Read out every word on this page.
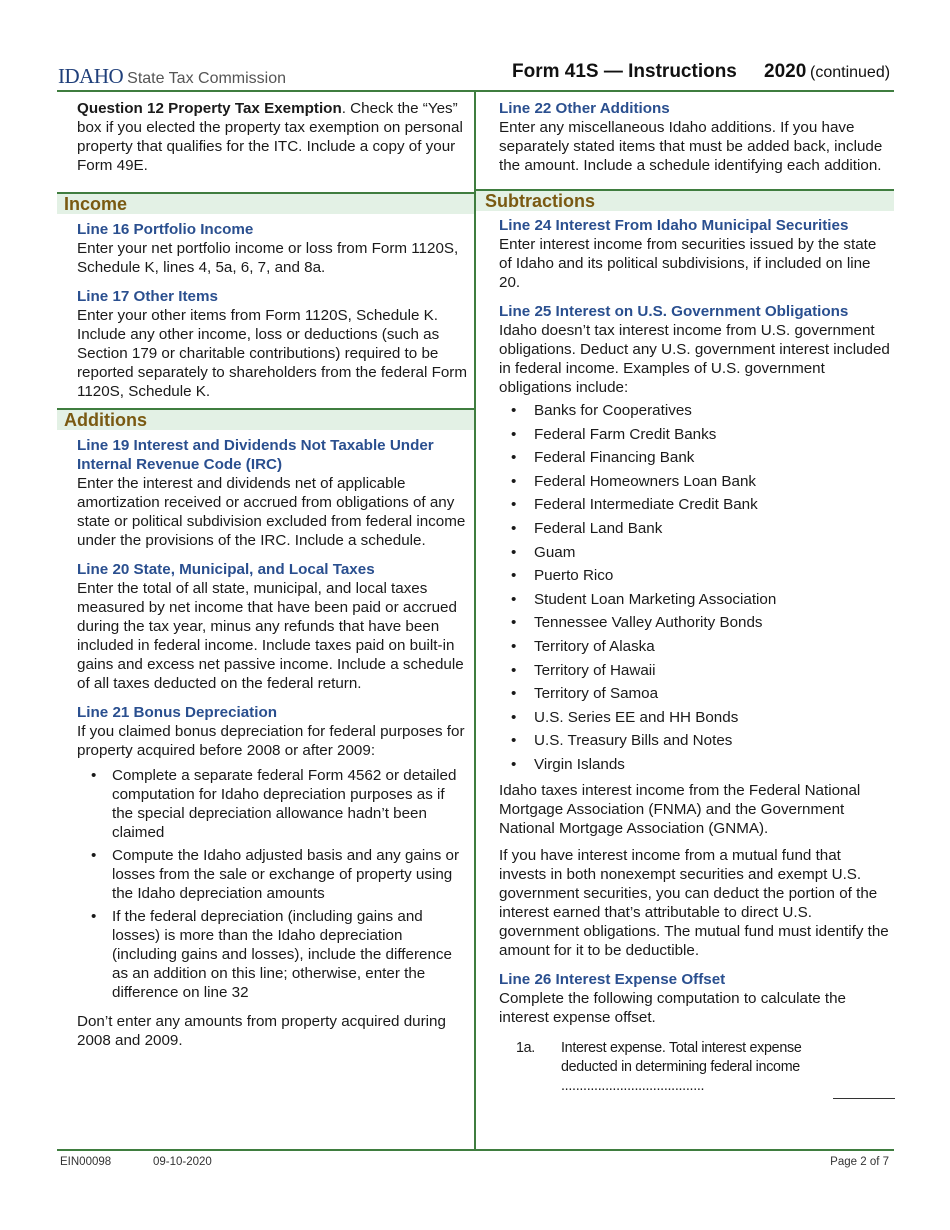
IDAHO State Tax Commission	Form 41S — Instructions 2020 (continued)

Question 12 Property Tax Exemption. Check the “Yes” box if you elected the property tax exemption on personal property that qualifies for the ITC. Include a copy of your Form 49E.

Income

Line 16 Portfolio Income

Enter your net portfolio income or loss from Form 1120S, Schedule K, lines 4, 5a, 6, 7, and 8a.

Line 17 Other Items

Enter your other items from Form 1120S, Schedule K. Include any other income, loss or deductions (such as Section 179 or charitable contributions) required to be reported separately to shareholders from the federal Form 1120S, Schedule K.

Additions

Line 19 Interest and Dividends Not Taxable Under Internal Revenue Code (IRC)

Enter the interest and dividends net of applicable amortization received or accrued from obligations of any state or political subdivision excluded from federal income under the provisions of the IRC. Include a schedule.

Line 20 State, Municipal, and Local Taxes

Enter the total of all state, municipal, and local taxes measured by net income that have been paid or accrued during the tax year, minus any refunds that have been included in federal income. Include taxes paid on built-in gains and excess net passive income. Include a schedule of all taxes deducted on the federal return.

Line 21 Bonus Depreciation

If you claimed bonus depreciation for federal purposes for property acquired before 2008 or after 2009:

• Complete a separate federal Form 4562 or detailed computation for Idaho depreciation purposes as if the special depreciation allowance hadn’t been claimed
• Compute the Idaho adjusted basis and any gains or losses from the sale or exchange of property using the Idaho depreciation amounts
• If the federal depreciation (including gains and losses) is more than the Idaho depreciation (including gains and losses), include the difference as an addition on this line; otherwise, enter the difference on line 32

Don’t enter any amounts from property acquired during 2008 and 2009.

Line 22 Other Additions

Enter any miscellaneous Idaho additions. If you have separately stated items that must be added back, include the amount. Include a schedule identifying each addition.

Subtractions

Line 24 Interest From Idaho Municipal Securities

Enter interest income from securities issued by the state of Idaho and its political subdivisions, if included on line 20.

Line 25 Interest on U.S. Government Obligations

Idaho doesn’t tax interest income from U.S. government obligations. Deduct any U.S. government interest included in federal income. Examples of U.S. government obligations include:

• Banks for Cooperatives
• Federal Farm Credit Banks
• Federal Financing Bank
• Federal Homeowners Loan Bank
• Federal Intermediate Credit Bank
• Federal Land Bank
• Guam
• Puerto Rico
• Student Loan Marketing Association
• Tennessee Valley Authority Bonds
• Territory of Alaska
• Territory of Hawaii
• Territory of Samoa
• U.S. Series EE and HH Bonds
• U.S. Treasury Bills and Notes
• Virgin Islands

Idaho taxes interest income from the Federal National Mortgage Association (FNMA) and the Government National Mortgage Association (GNMA).

If you have interest income from a mutual fund that invests in both nonexempt securities and exempt U.S. government securities, you can deduct the portion of the interest earned that’s attributable to direct U.S. government obligations. The mutual fund must identify the amount for it to be deductible.

Line 26 Interest Expense Offset

Complete the following computation to calculate the interest expense offset.

1a. Interest expense. Total interest expense deducted in determining federal income .......................................
EIN00098	09-10-2020	Page 2 of 7
